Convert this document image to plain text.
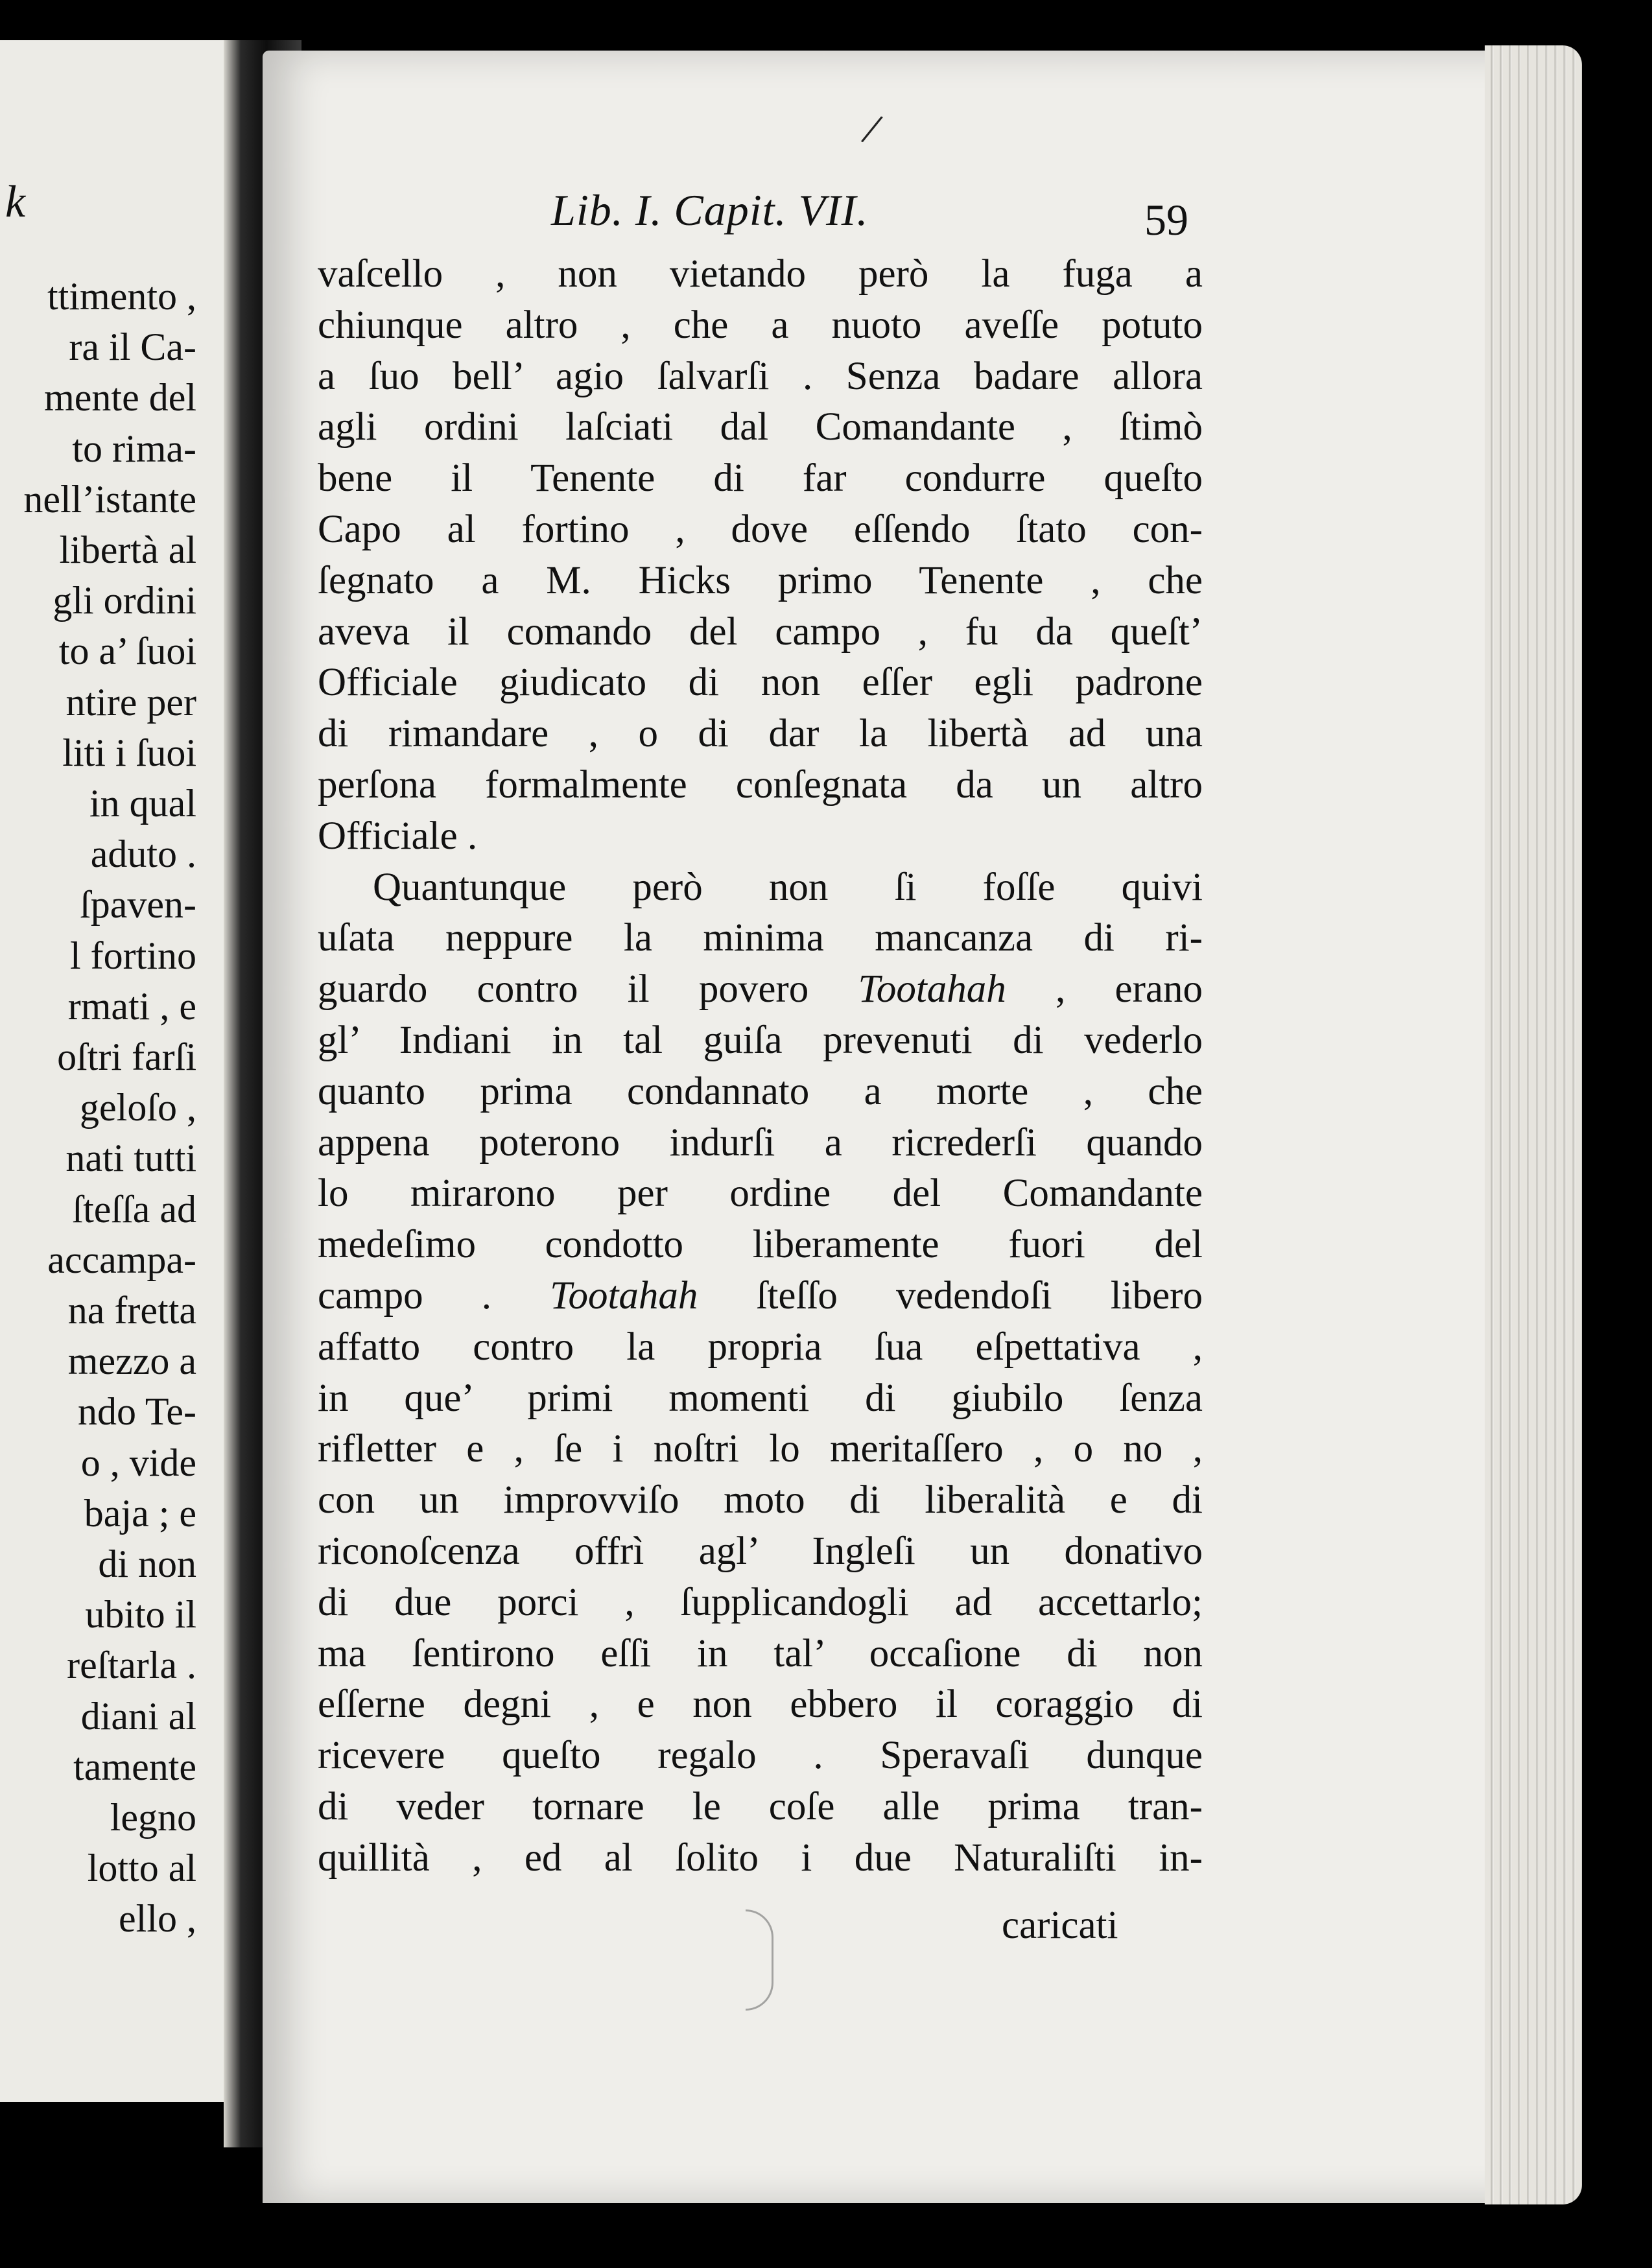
k
ttimento ,
ra il Ca-
mente del
to rima-
nell’istante
libertà al
gli ordini
to a’ ſuoi
ntire per
liti i ſuoi
in qual
aduto .
ſpaven-
l fortino
rmati , e
oſtri farſi
geloſo ,
nati tutti
ſteſſa ad
accampa-
na fretta
mezzo a
ndo Te-
o , vide
baja ; e
di non
ubito il
reſtarla .
diani al
tamente
legno
lotto al
ello ,
/
Lib. I. Capit. VII.	59
vaſcello , non vietando però la fuga a
chiunque altro , che a nuoto aveſſe potuto
a ſuo bell’ agio ſalvarſi . Senza badare allora
agli ordini laſciati dal Comandante , ſtimò
bene il Tenente di far condurre queſto
Capo al fortino , dove eſſendo ſtato con-
ſegnato a M. Hicks primo Tenente , che
aveva il comando del campo , fu da queſt’
Officiale giudicato di non eſſer egli padrone
di rimandare , o di dar la libertà ad una
perſona formalmente conſegnata da un altro
Officiale .
Quantunque però non ſi foſſe quivi
uſata neppure la minima mancanza di ri-
guardo contro il povero Tootahah , erano
gl’ Indiani in tal guiſa prevenuti di vederlo
quanto prima condannato a morte , che
appena poterono indurſi a ricrederſi quando
lo mirarono per ordine del Comandante
medeſimo condotto liberamente fuori del
campo . Tootahah ſteſſo vedendoſi libero
affatto contro la propria ſua eſpettativa ,
in que’ primi momenti di giubilo ſenza
rifletter e , ſe i noſtri lo meritaſſero , o no ,
con un improvviſo moto di liberalità e di
riconoſcenza offrì agl’ Ingleſi un donativo
di due porci , ſupplicandogli ad accettarlo;
ma ſentirono eſſi in tal’ occaſione di non
eſſerne degni , e non ebbero il coraggio di
ricevere queſto regalo . Speravaſi dunque
di veder tornare le coſe alle prima tran-
quillità , ed al ſolito i due Naturaliſti in-
caricati
